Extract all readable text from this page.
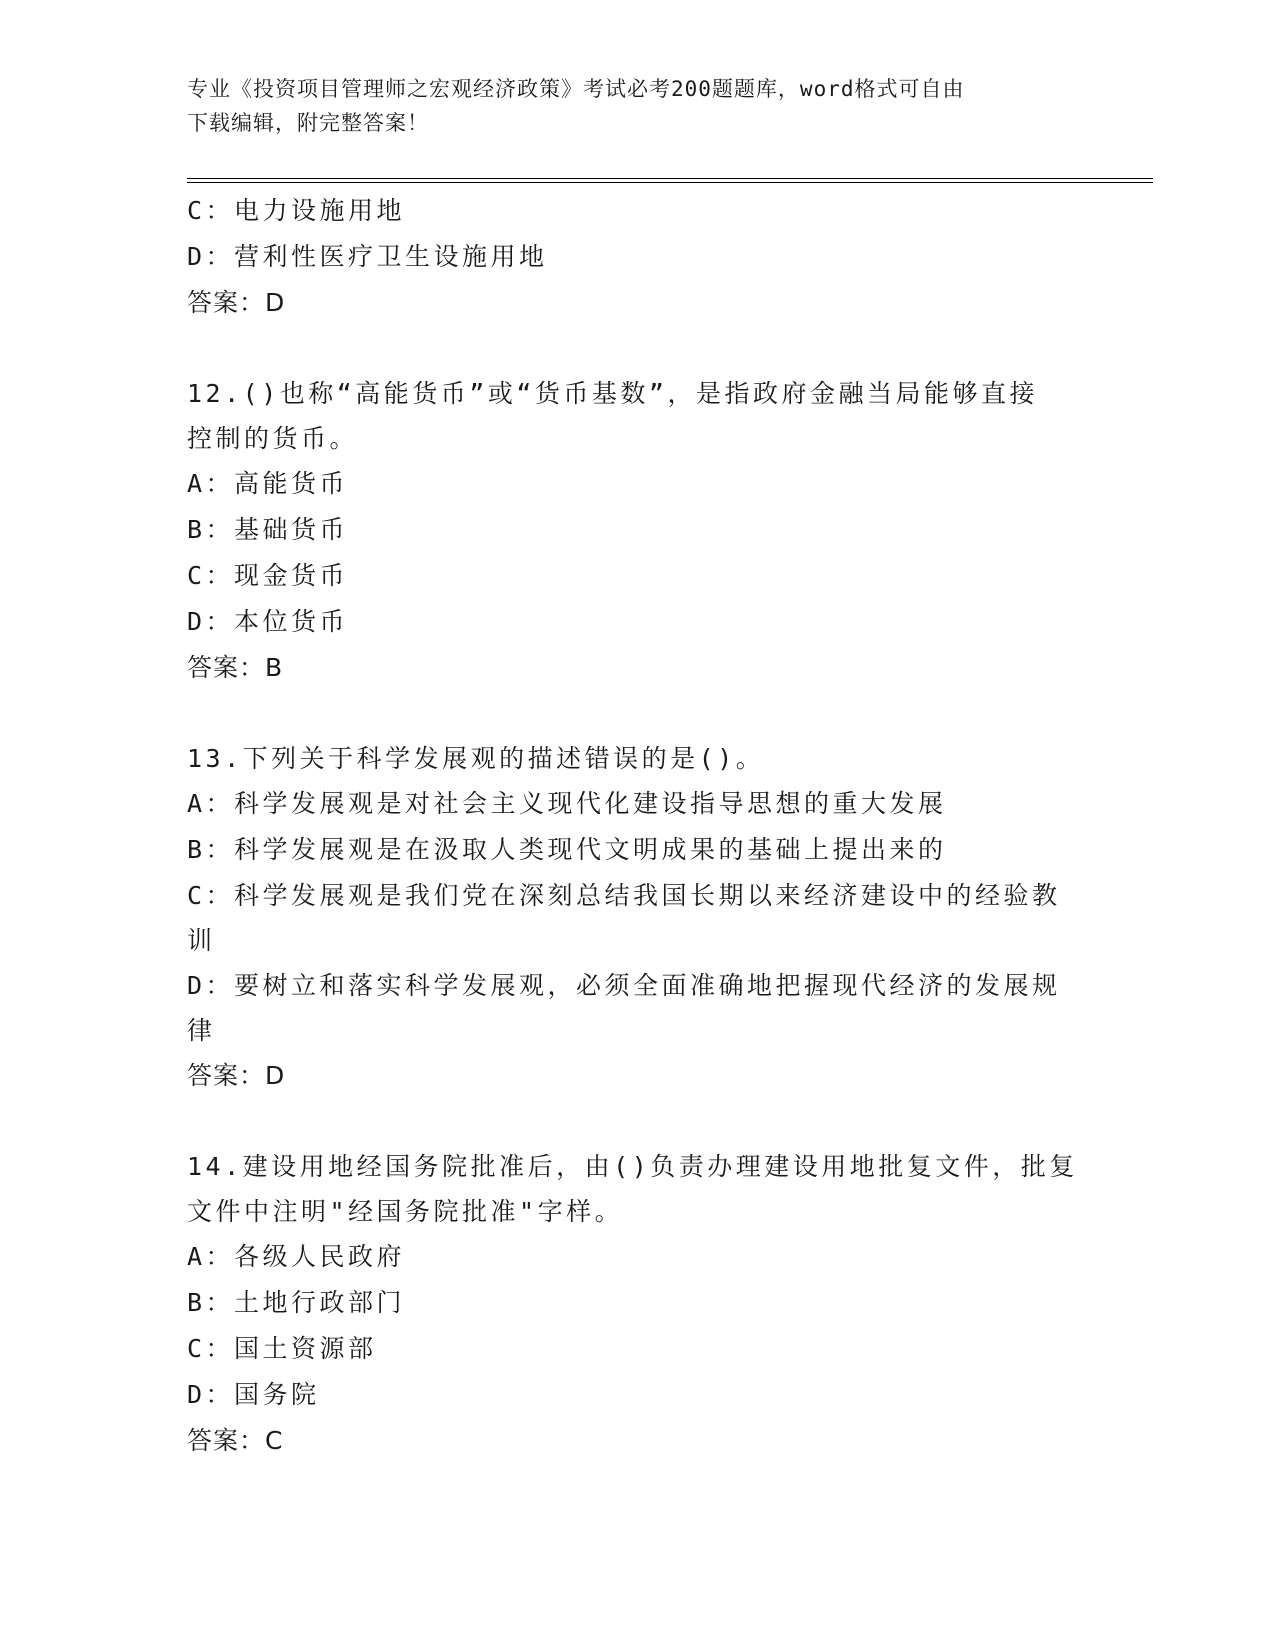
专业《投资项目管理师之宏观经济政策》考试必考200题题库，word格式可自由
下载编辑，附完整答案！
C：电力设施用地
D：营利性医疗卫生设施用地
答案：D
12.()也称“高能货币”或“货币基数”，是指政府金融当局能够直接
控制的货币。
A：高能货币
B：基础货币
C：现金货币
D：本位货币
答案：B
13.下列关于科学发展观的描述错误的是()。
A：科学发展观是对社会主义现代化建设指导思想的重大发展
B：科学发展观是在汲取人类现代文明成果的基础上提出来的
C：科学发展观是我们党在深刻总结我国长期以来经济建设中的经验教
训
D：要树立和落实科学发展观，必须全面准确地把握现代经济的发展规
律
答案：D
14.建设用地经国务院批准后，由()负责办理建设用地批复文件，批复
文件中注明"经国务院批准"字样。
A：各级人民政府
B：土地行政部门
C：国土资源部
D：国务院
答案：C
